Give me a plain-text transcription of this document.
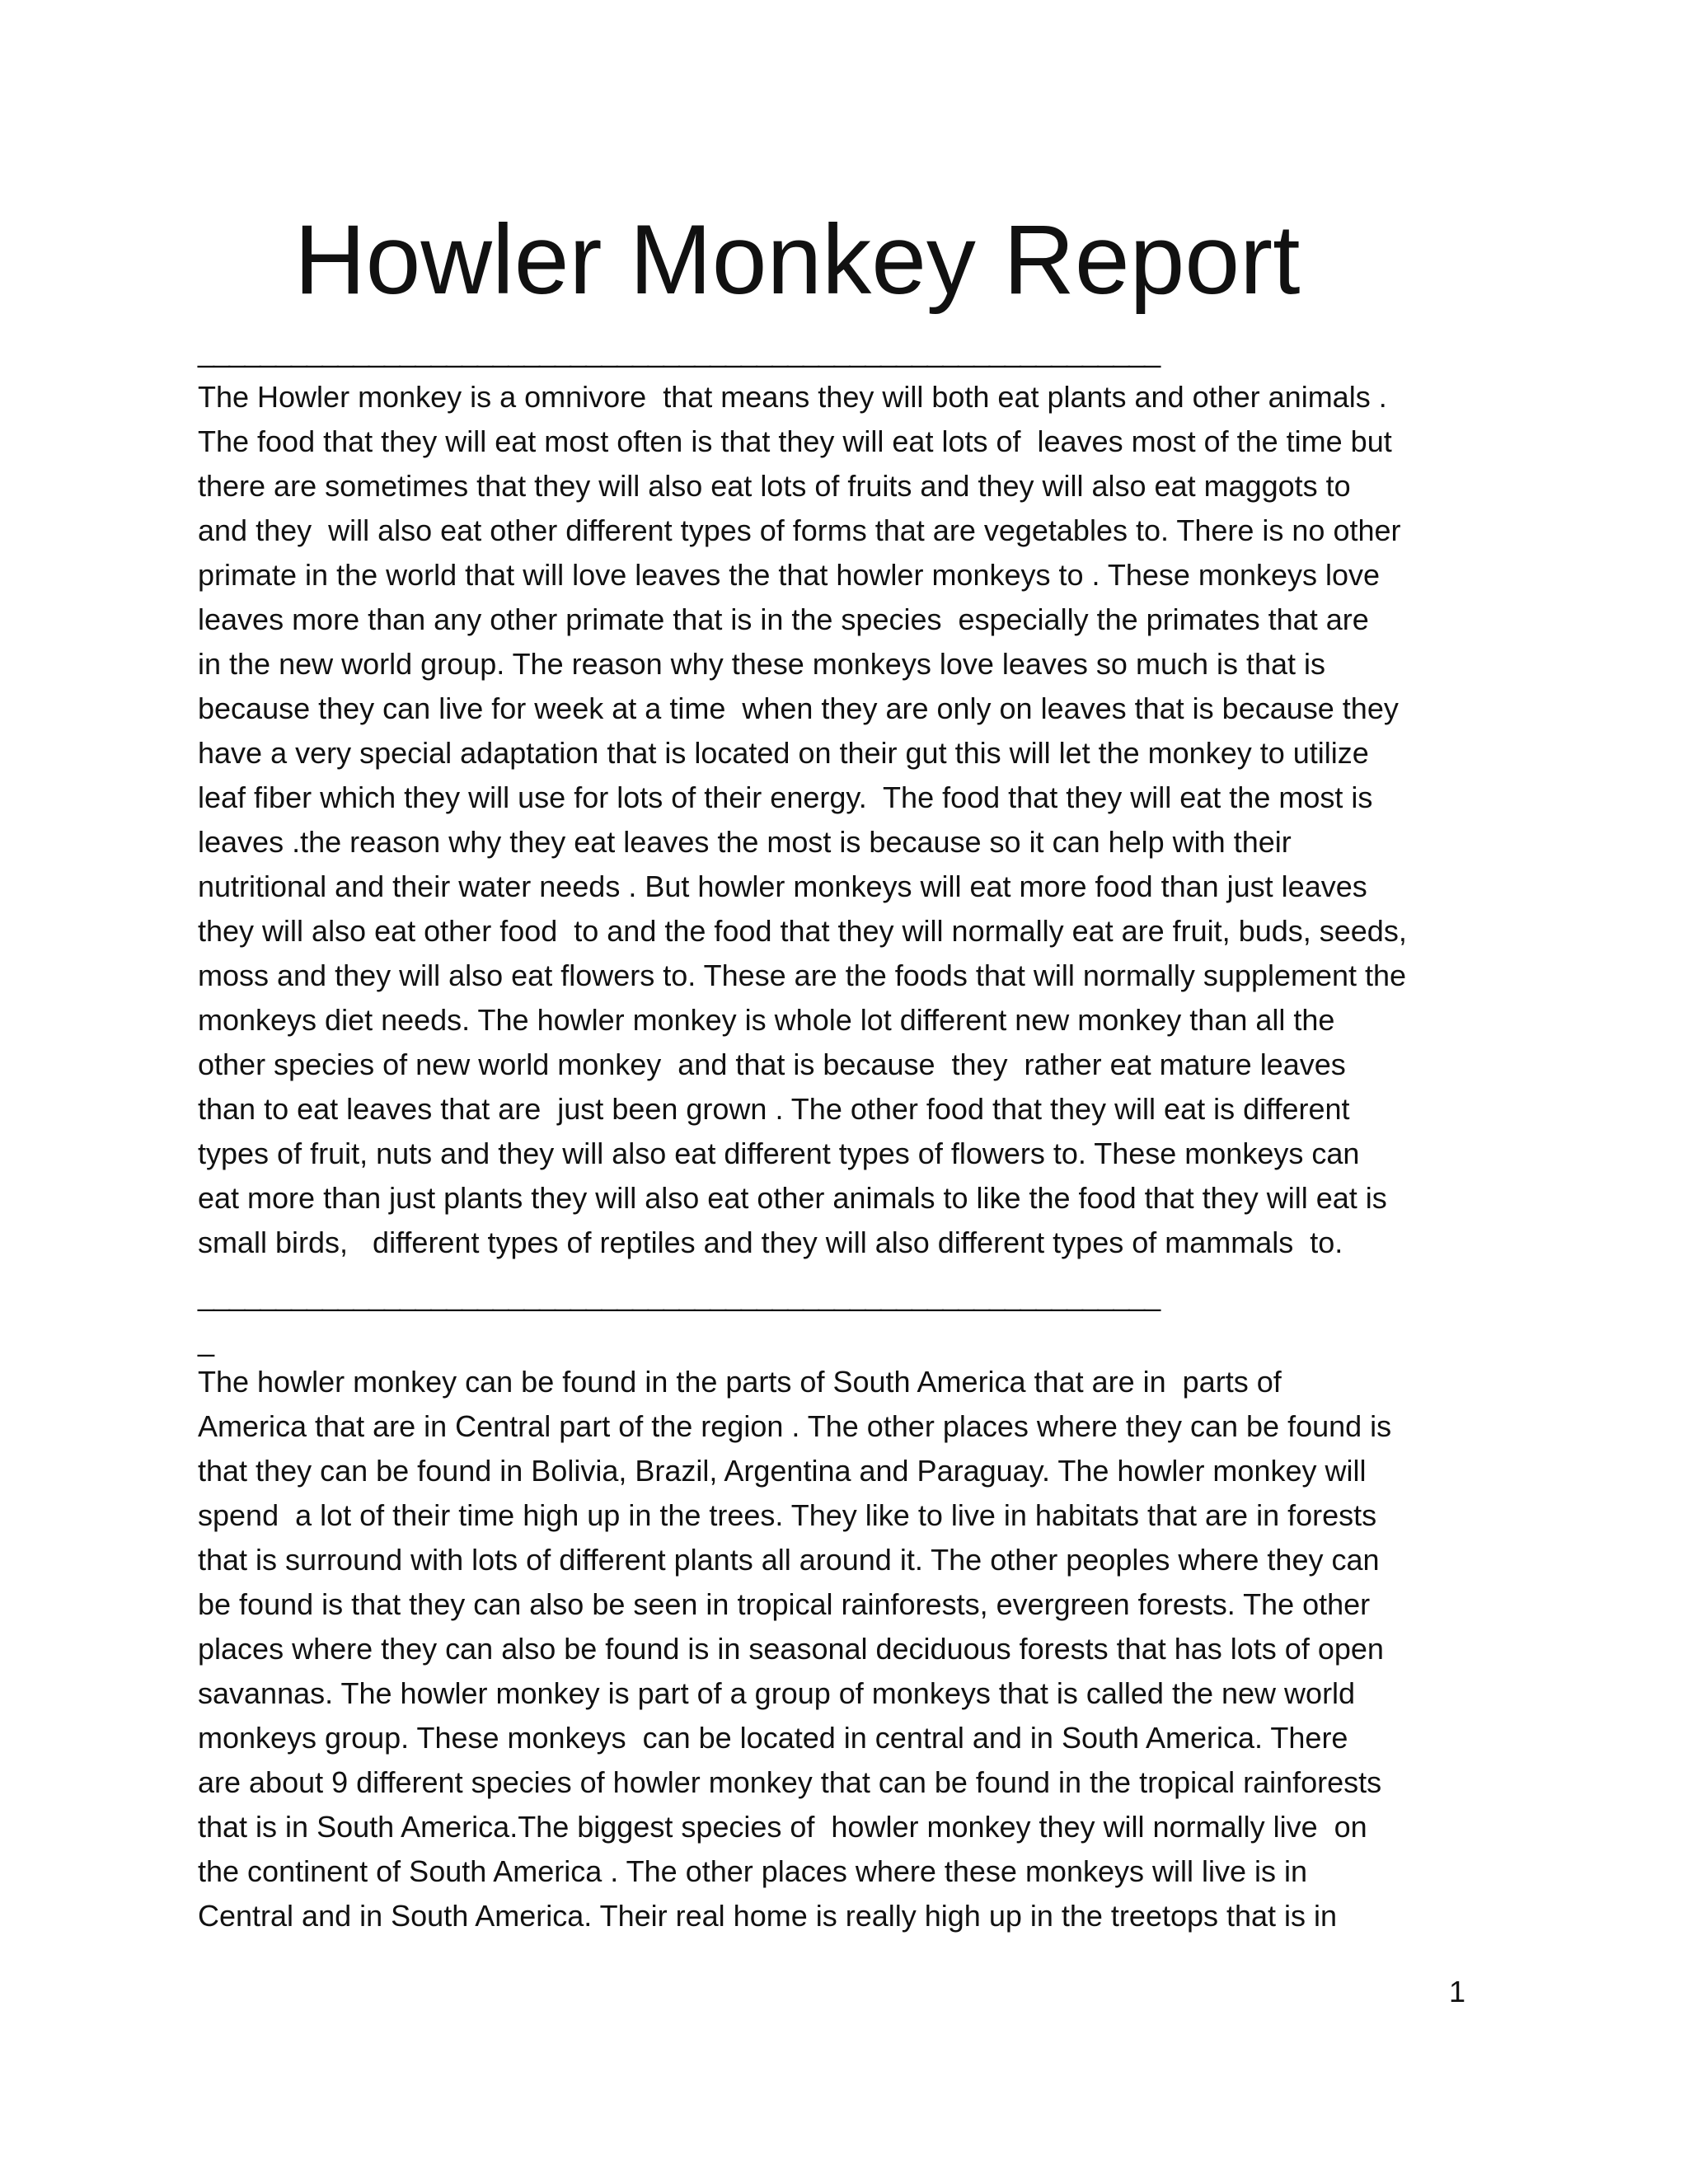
Howler Monkey Report
______________________________________________________________
The Howler monkey is a omnivore  that means they will both eat plants and other animals .
The food that they will eat most often is that they will eat lots of  leaves most of the time but
there are sometimes that they will also eat lots of fruits and they will also eat maggots to
and they  will also eat other different types of forms that are vegetables to. There is no other
primate in the world that will love leaves the that howler monkeys to . These monkeys love
leaves more than any other primate that is in the species  especially the primates that are
in the new world group. The reason why these monkeys love leaves so much is that is
because they can live for week at a time  when they are only on leaves that is because they
have a very special adaptation that is located on their gut this will let the monkey to utilize
leaf fiber which they will use for lots of their energy.  The food that they will eat the most is
leaves .the reason why they eat leaves the most is because so it can help with their
nutritional and their water needs . But howler monkeys will eat more food than just leaves
they will also eat other food  to and the food that they will normally eat are fruit, buds, seeds,
moss and they will also eat flowers to. These are the foods that will normally supplement the
monkeys diet needs. The howler monkey is whole lot different new monkey than all the
other species of new world monkey  and that is because  they  rather eat mature leaves
than to eat leaves that are  just been grown . The other food that they will eat is different
types of fruit, nuts and they will also eat different types of flowers to. These monkeys can
eat more than just plants they will also eat other animals to like the food that they will eat is
small birds,   different types of reptiles and they will also different types of mammals  to.
______________________________________________________________
_
The howler monkey can be found in the parts of South America that are in  parts of
America that are in Central part of the region . The other places where they can be found is
that they can be found in Bolivia, Brazil, Argentina and Paraguay. The howler monkey will
spend  a lot of their time high up in the trees. They like to live in habitats that are in forests
that is surround with lots of different plants all around it. The other peoples where they can
be found is that they can also be seen in tropical rainforests, evergreen forests. The other
places where they can also be found is in seasonal deciduous forests that has lots of open
savannas. The howler monkey is part of a group of monkeys that is called the new world
monkeys group. These monkeys  can be located in central and in South America. There
are about 9 different species of howler monkey that can be found in the tropical rainforests
that is in South America.The biggest species of  howler monkey they will normally live  on
the continent of South America . The other places where these monkeys will live is in
Central and in South America. Their real home is really high up in the treetops that is in
1
